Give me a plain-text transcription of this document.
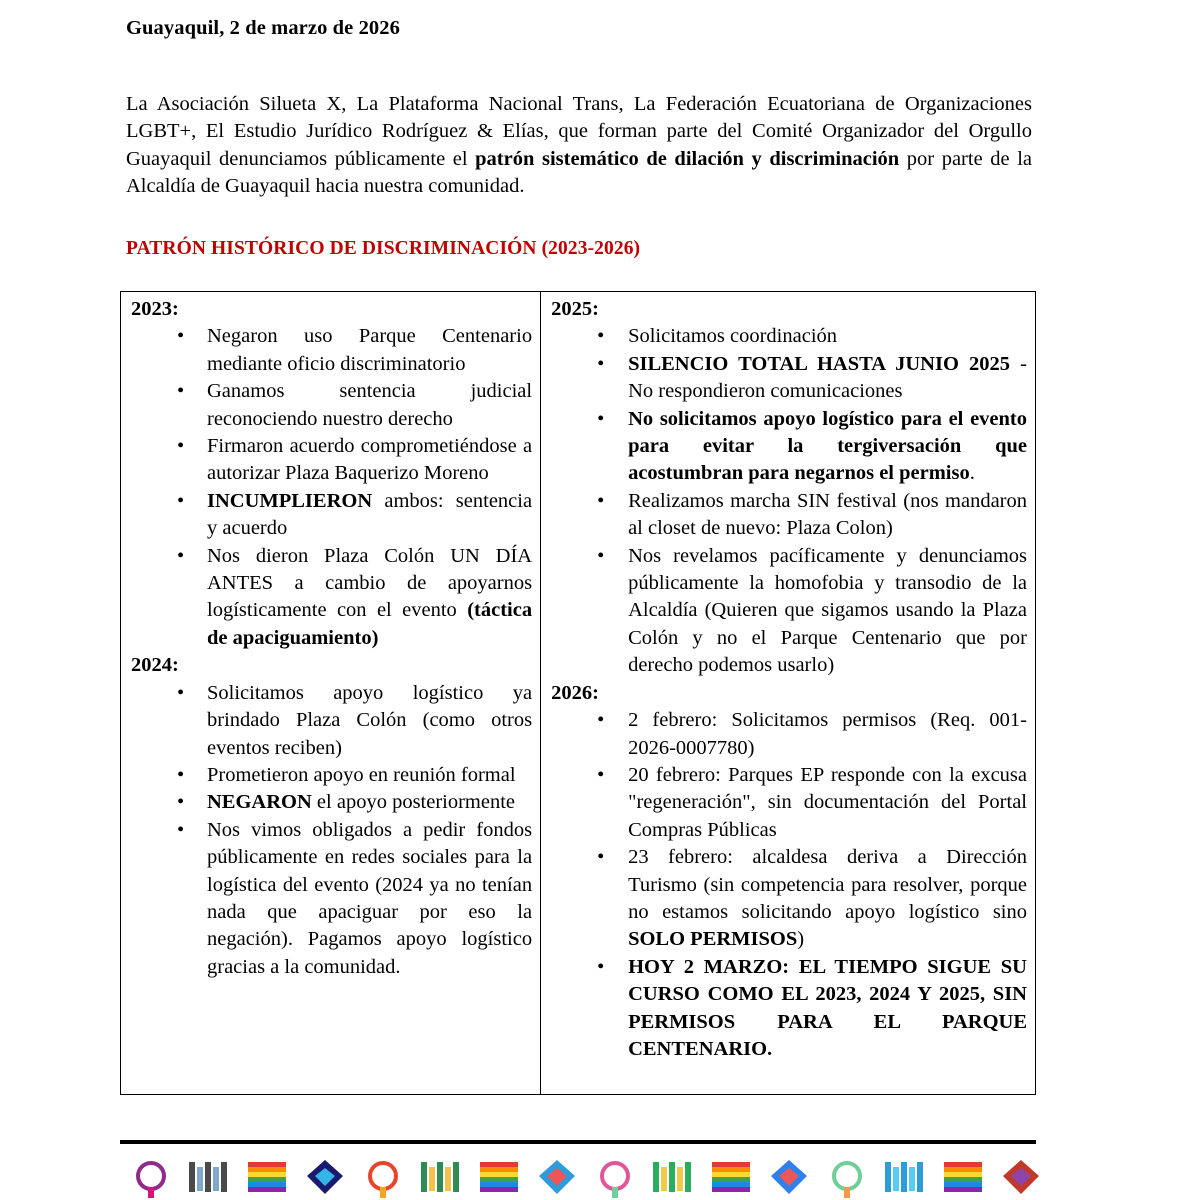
Guayaquil, 2 de marzo de 2026

La Asociación Silueta X, La Plataforma Nacional Trans, La Federación Ecuatoriana de Organizaciones LGBT+, El Estudio Jurídico Rodríguez & Elías, que forman parte del Comité Organizador del Orgullo Guayaquil denunciamos públicamente el patrón sistemático de dilación y discriminación por parte de la Alcaldía de Guayaquil hacia nuestra comunidad.

PATRÓN HISTÓRICO DE DISCRIMINACIÓN (2023-2026)
2023:
• Negaron uso Parque Centenario mediante oficio discriminatorio
• Ganamos sentencia judicial reconociendo nuestro derecho
• Firmaron acuerdo comprometiéndose a autorizar Plaza Baquerizo Moreno
• INCUMPLIERON ambos: sentencia y acuerdo
• Nos dieron Plaza Colón UN DÍA ANTES a cambio de apoyarnos logísticamente con el evento (táctica de apaciguamiento)
2024:
• Solicitamos apoyo logístico ya brindado Plaza Colón (como otros eventos reciben)
• Prometieron apoyo en reunión formal
• NEGARON el apoyo posteriormente
• Nos vimos obligados a pedir fondos públicamente en redes sociales para la logística del evento (2024 ya no tenían nada que apaciguar por eso la negación). Pagamos apoyo logístico gracias a la comunidad.
2025:
• Solicitamos coordinación
• SILENCIO TOTAL HASTA JUNIO 2025 - No respondieron comunicaciones
• No solicitamos apoyo logístico para el evento para evitar la tergiversación que acostumbran para negarnos el permiso.
• Realizamos marcha SIN festival (nos mandaron al closet de nuevo: Plaza Colon)
• Nos revelamos pacíficamente y denunciamos públicamente la homofobia y transodio de la Alcaldía (Quieren que sigamos usando la Plaza Colón y no el Parque Centenario que por derecho podemos usarlo)
2026:
• 2 febrero: Solicitamos permisos (Req. 001-2026-0007780)
• 20 febrero: Parques EP responde con la excusa "regeneración", sin documentación del Portal Compras Públicas
• 23 febrero: alcaldesa deriva a Dirección Turismo (sin competencia para resolver, porque no estamos solicitando apoyo logístico sino SOLO PERMISOS)
• HOY 2 MARZO: EL TIEMPO SIGUE SU CURSO COMO EL 2023, 2024 Y 2025, SIN PERMISOS PARA EL PARQUE CENTENARIO.
